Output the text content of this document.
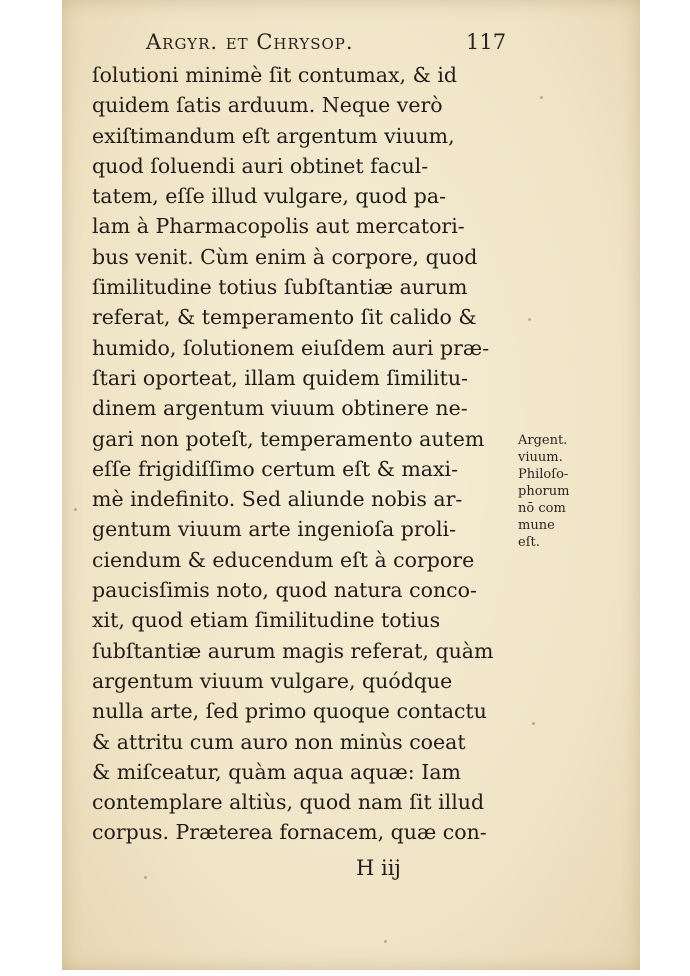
Argyr. et Chrysop.	117
ſolutioni minimè ſit contumax, & id
quidem ſatis arduum. Neque verò
exiſtimandum eſt argentum viuum,
quod ſoluendi auri obtinet facul-
tatem, eſſe illud vulgare, quod pa-
lam à Pharmacopolis aut mercatori-
bus venit. Cùm enim à corpore, quod
ſimilitudine totius ſubſtantiæ aurum
referat, & temperamento ſit calido &
humido, ſolutionem eiuſdem auri præ-
ſtari oporteat, illam quidem ſimilitu-
dinem argentum viuum obtinere ne-
gari non poteſt, temperamento autem
eſſe frigidiſſimo certum eſt & maxi-
mè indefinito. Sed aliunde nobis ar-
gentum viuum arte ingenioſa proli-
ciendum & educendum eſt à corpore
paucisſimis noto, quod natura conco-
xit, quod etiam ſimilitudine totius
ſubſtantiæ aurum magis referat, quàm
argentum viuum vulgare, quódque
nulla arte, ſed primo quoque contactu
& attritu cum auro non minùs coeat
& miſceatur, quàm aqua aquæ: Iam
contemplare altiùs, quod nam ſit illud
corpus. Præterea fornacem, quæ con-
Argent.
viuum.
Philoſo-
phorum
nō com
mune
eſt.
H iij
